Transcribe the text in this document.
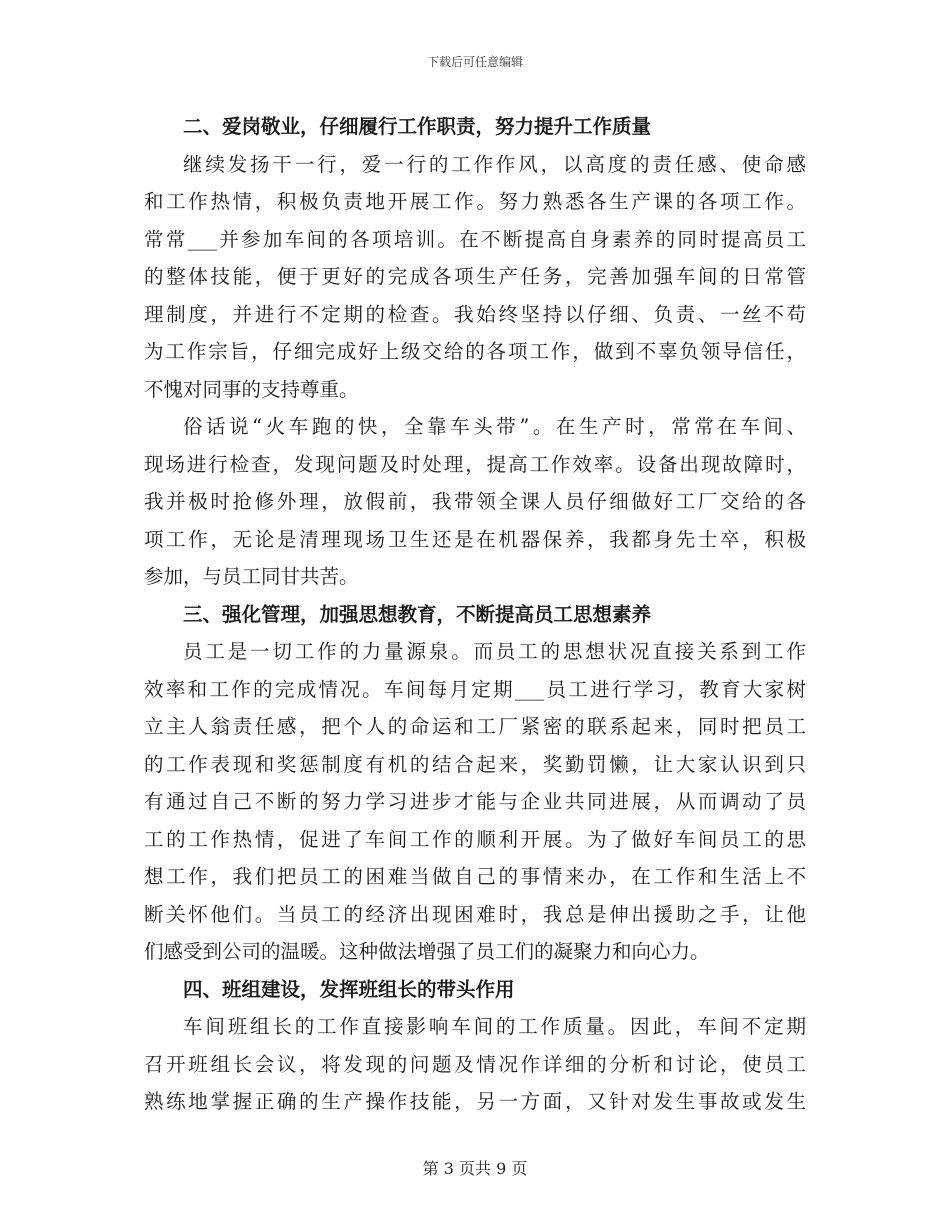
下载后可任意编辑
二、爱岗敬业，仔细履行工作职责，努力提升工作质量
继续发扬干一行，爱一行的工作作风，以高度的责任感、使命感
和工作热情，积极负责地开展工作。努力熟悉各生产课的各项工作。
常常___并参加车间的各项培训。在不断提高自身素养的同时提高员工
的整体技能，便于更好的完成各项生产任务，完善加强车间的日常管
理制度，并进行不定期的检查。我始终坚持以仔细、负责、一丝不苟
为工作宗旨，仔细完成好上级交给的各项工作，做到不辜负领导信任，
不愧对同事的支持尊重。
俗话说“火车跑的快，全靠车头带”。在生产时，常常在车间、
现场进行检查，发现问题及时处理，提高工作效率。设备出现故障时，
我并极时抢修外理，放假前，我带领全课人员仔细做好工厂交给的各
项工作，无论是清理现场卫生还是在机器保养，我都身先士卒，积极
参加，与员工同甘共苦。
三、强化管理，加强思想教育，不断提高员工思想素养
员工是一切工作的力量源泉。而员工的思想状况直接关系到工作
效率和工作的完成情况。车间每月定期___员工进行学习，教育大家树
立主人翁责任感，把个人的命运和工厂紧密的联系起来，同时把员工
的工作表现和奖惩制度有机的结合起来，奖勤罚懒，让大家认识到只
有通过自己不断的努力学习进步才能与企业共同进展，从而调动了员
工的工作热情，促进了车间工作的顺利开展。为了做好车间员工的思
想工作，我们把员工的困难当做自己的事情来办，在工作和生活上不
断关怀他们。当员工的经济出现困难时，我总是伸出援助之手，让他
们感受到公司的温暖。这种做法增强了员工们的凝聚力和向心力。
四、班组建设，发挥班组长的带头作用
车间班组长的工作直接影响车间的工作质量。因此，车间不定期
召开班组长会议，将发现的问题及情况作详细的分析和讨论，使员工
熟练地掌握正确的生产操作技能，另一方面，又针对发生事故或发生
第 3 页共 9 页
